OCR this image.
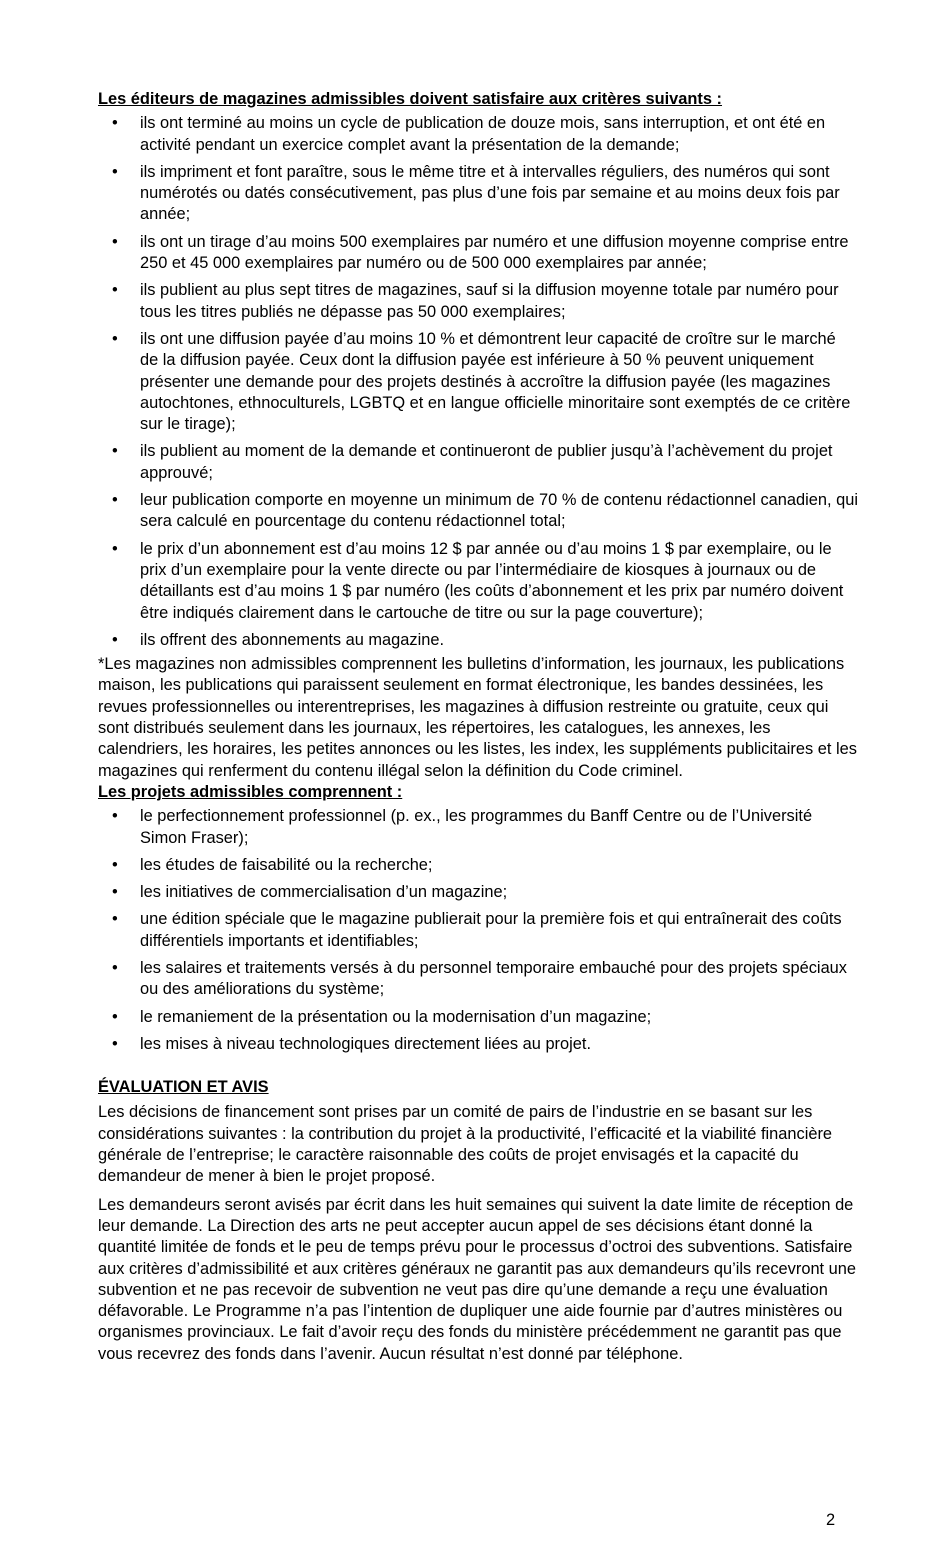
Les éditeurs de magazines admissibles doivent satisfaire aux critères suivants :

• ils ont terminé au moins un cycle de publication de douze mois, sans interruption, et ont été en activité pendant un exercice complet avant la présentation de la demande;
• ils impriment et font paraître, sous le même titre et à intervalles réguliers, des numéros qui sont numérotés ou datés consécutivement, pas plus d’une fois par semaine et au moins deux fois par année;
• ils ont un tirage d’au moins 500 exemplaires par numéro et une diffusion moyenne comprise entre 250 et 45 000 exemplaires par numéro ou de 500 000 exemplaires par année;
• ils publient au plus sept titres de magazines, sauf si la diffusion moyenne totale par numéro pour tous les titres publiés ne dépasse pas 50 000 exemplaires;
• ils ont une diffusion payée d’au moins 10 % et démontrent leur capacité de croître sur le marché de la diffusion payée. Ceux dont la diffusion payée est inférieure à 50 % peuvent uniquement présenter une demande pour des projets destinés à accroître la diffusion payée (les magazines autochtones, ethnoculturels, LGBTQ et en langue officielle minoritaire sont exemptés de ce critère sur le tirage);
• ils publient au moment de la demande et continueront de publier jusqu’à l’achèvement du projet approuvé;
• leur publication comporte en moyenne un minimum de 70 % de contenu rédactionnel canadien, qui sera calculé en pourcentage du contenu rédactionnel total;
• le prix d’un abonnement est d’au moins 12 $ par année ou d’au moins 1 $ par exemplaire, ou le prix d’un exemplaire pour la vente directe ou par l’intermédiaire de kiosques à journaux ou de détaillants est d’au moins 1 $ par numéro (les coûts d’abonnement et les prix par numéro doivent être indiqués clairement dans le cartouche de titre ou sur la page couverture);
• ils offrent des abonnements au magazine.

*Les magazines non admissibles comprennent les bulletins d’information, les journaux, les publications maison, les publications qui paraissent seulement en format électronique, les bandes dessinées, les revues professionnelles ou interentreprises, les magazines à diffusion restreinte ou gratuite, ceux qui sont distribués seulement dans les journaux, les répertoires, les catalogues, les annexes, les calendriers, les horaires, les petites annonces ou les listes, les index, les suppléments publicitaires et les magazines qui renferment du contenu illégal selon la définition du Code criminel.

Les projets admissibles comprennent :

• le perfectionnement professionnel (p. ex., les programmes du Banff Centre ou de l’Université Simon Fraser);
• les études de faisabilité ou la recherche;
• les initiatives de commercialisation d’un magazine;
• une édition spéciale que le magazine publierait pour la première fois et qui entraînerait des coûts différentiels importants et identifiables;
• les salaires et traitements versés à du personnel temporaire embauché pour des projets spéciaux ou des améliorations du système;
• le remaniement de la présentation ou la modernisation d’un magazine;
• les mises à niveau technologiques directement liées au projet.

ÉVALUATION ET AVIS

Les décisions de financement sont prises par un comité de pairs de l’industrie en se basant sur les considérations suivantes : la contribution du projet à la productivité, l’efficacité et la viabilité financière générale de l’entreprise; le caractère raisonnable des coûts de projet envisagés et la capacité du demandeur de mener à bien le projet proposé.

Les demandeurs seront avisés par écrit dans les huit semaines qui suivent la date limite de réception de leur demande. La Direction des arts ne peut accepter aucun appel de ses décisions étant donné la quantité limitée de fonds et le peu de temps prévu pour le processus d’octroi des subventions. Satisfaire aux critères d’admissibilité et aux critères généraux ne garantit pas aux demandeurs qu’ils recevront une subvention et ne pas recevoir de subvention ne veut pas dire qu’une demande a reçu une évaluation défavorable. Le Programme n’a pas l’intention de dupliquer une aide fournie par d’autres ministères ou organismes provinciaux. Le fait d’avoir reçu des fonds du ministère précédemment ne garantit pas que vous recevrez des fonds dans l’avenir. Aucun résultat n’est donné par téléphone.

2
